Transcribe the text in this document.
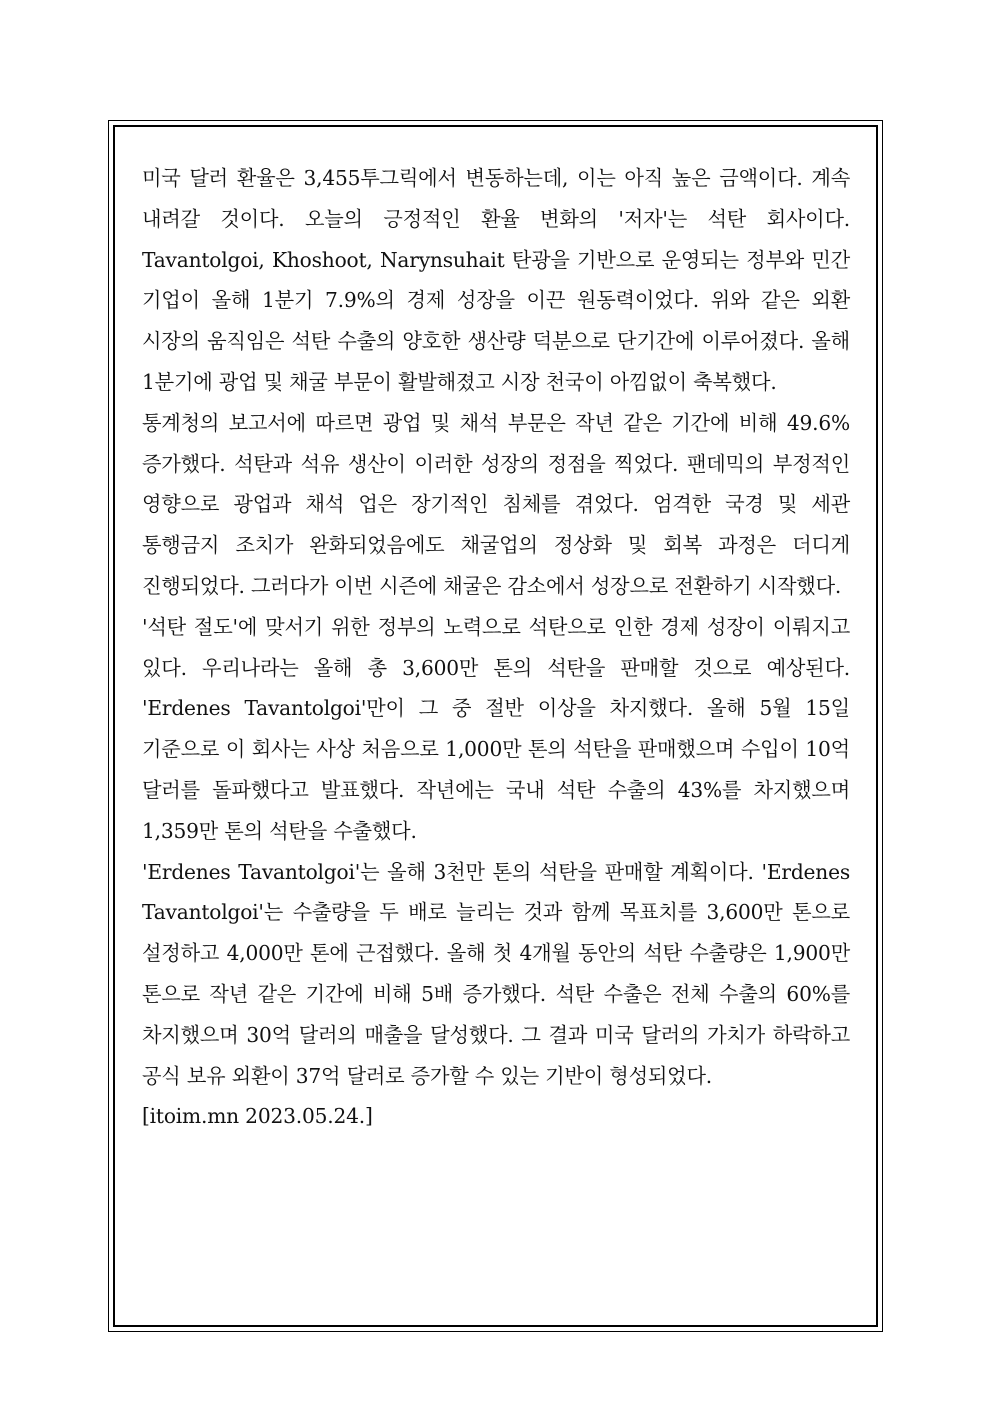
미국 달러 환율은 3,455투그릭에서 변동하는데, 이는 아직 높은 금액이다. 계속 내려갈 것이다. 오늘의 긍정적인 환율 변화의 '저자'는 석탄 회사이다. Tavantolgoi, Khoshoot, Narynsuhait 탄광을 기반으로 운영되는 정부와 민간 기업이 올해 1분기 7.9%의 경제 성장을 이끈 원동력이었다. 위와 같은 외환 시장의 움직임은 석탄 수출의 양호한 생산량 덕분으로 단기간에 이루어졌다. 올해 1분기에 광업 및 채굴 부문이 활발해졌고 시장 천국이 아낌없이 축복했다.

통계청의 보고서에 따르면 광업 및 채석 부문은 작년 같은 기간에 비해 49.6% 증가했다. 석탄과 석유 생산이 이러한 성장의 정점을 찍었다. 팬데믹의 부정적인 영향으로 광업과 채석 업은 장기적인 침체를 겪었다. 엄격한 국경 및 세관 통행금지 조치가 완화되었음에도 채굴업의 정상화 및 회복 과정은 더디게 진행되었다. 그러다가 이번 시즌에 채굴은 감소에서 성장으로 전환하기 시작했다.

'석탄 절도'에 맞서기 위한 정부의 노력으로 석탄으로 인한 경제 성장이 이뤄지고 있다. 우리나라는 올해 총 3,600만 톤의 석탄을 판매할 것으로 예상된다. 'Erdenes Tavantolgoi'만이 그 중 절반 이상을 차지했다. 올해 5월 15일 기준으로 이 회사는 사상 처음으로 1,000만 톤의 석탄을 판매했으며 수입이 10억 달러를 돌파했다고 발표했다. 작년에는 국내 석탄 수출의 43%를 차지했으며 1,359만 톤의 석탄을 수출했다.

'Erdenes Tavantolgoi'는 올해 3천만 톤의 석탄을 판매할 계획이다. 'Erdenes Tavantolgoi'는 수출량을 두 배로 늘리는 것과 함께 목표치를 3,600만 톤으로 설정하고 4,000만 톤에 근접했다. 올해 첫 4개월 동안의 석탄 수출량은 1,900만 톤으로 작년 같은 기간에 비해 5배 증가했다. 석탄 수출은 전체 수출의 60%를 차지했으며 30억 달러의 매출을 달성했다. 그 결과 미국 달러의 가치가 하락하고 공식 보유 외환이 37억 달러로 증가할 수 있는 기반이 형성되었다.

[itoim.mn 2023.05.24.]
